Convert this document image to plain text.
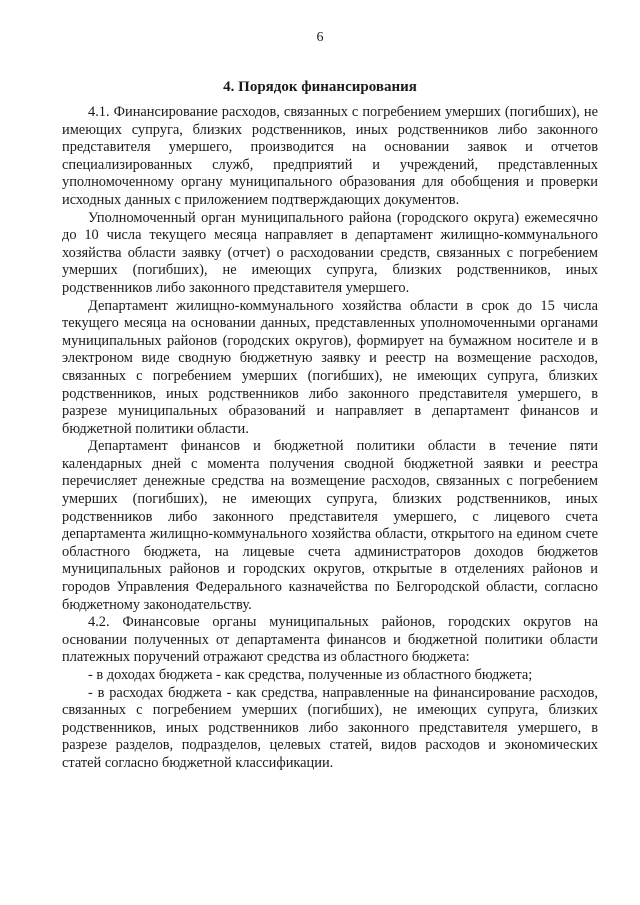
6
4. Порядок финансирования

4.1. Финансирование расходов, связанных с погребением умерших (погибших), не имеющих супруга, близких родственников, иных родственников либо законного представителя умершего, производится на основании заявок и отчетов специализированных служб, предприятий и учреждений, представленных уполномоченному органу муниципального образования для обобщения и проверки исходных данных с приложением подтверждающих документов.

Уполномоченный орган муниципального района (городского округа) ежемесячно до 10 числа текущего месяца направляет в департамент жилищно-коммунального хозяйства области заявку (отчет) о расходовании средств, связанных с погребением умерших (погибших), не имеющих супруга, близких родственников, иных родственников либо законного представителя умершего.

Департамент жилищно-коммунального хозяйства области в срок до 15 числа текущего месяца на основании данных, представленных уполномоченными органами муниципальных районов (городских округов), формирует на бумажном носителе и в электроном виде сводную бюджетную заявку и реестр на возмещение расходов, связанных с погребением умерших (погибших), не имеющих супруга, близких родственников, иных родственников либо законного представителя умершего, в разрезе муниципальных образований и направляет в департамент финансов и бюджетной политики области.

Департамент финансов и бюджетной политики области в течение пяти календарных дней с момента получения сводной бюджетной заявки и реестра перечисляет денежные средства на возмещение расходов, связанных с погребением умерших (погибших), не имеющих супруга, близких родственников, иных родственников либо законного представителя умершего, с лицевого счета департамента жилищно-коммунального хозяйства области, открытого на едином счете областного бюджета, на лицевые счета администраторов доходов бюджетов муниципальных районов и городских округов, открытые в отделениях районов и городов Управления Федерального казначейства по Белгородской области, согласно бюджетному законодательству.

4.2. Финансовые органы муниципальных районов, городских округов на основании полученных от департамента финансов и бюджетной политики области платежных поручений отражают средства из областного бюджета:

- в доходах бюджета - как средства, полученные из областного бюджета;

- в расходах бюджета - как средства, направленные на финансирование расходов, связанных с погребением умерших (погибших), не имеющих супруга, близких родственников, иных родственников либо законного представителя умершего, в разрезе разделов, подразделов, целевых статей, видов расходов и экономических статей согласно бюджетной классификации.
